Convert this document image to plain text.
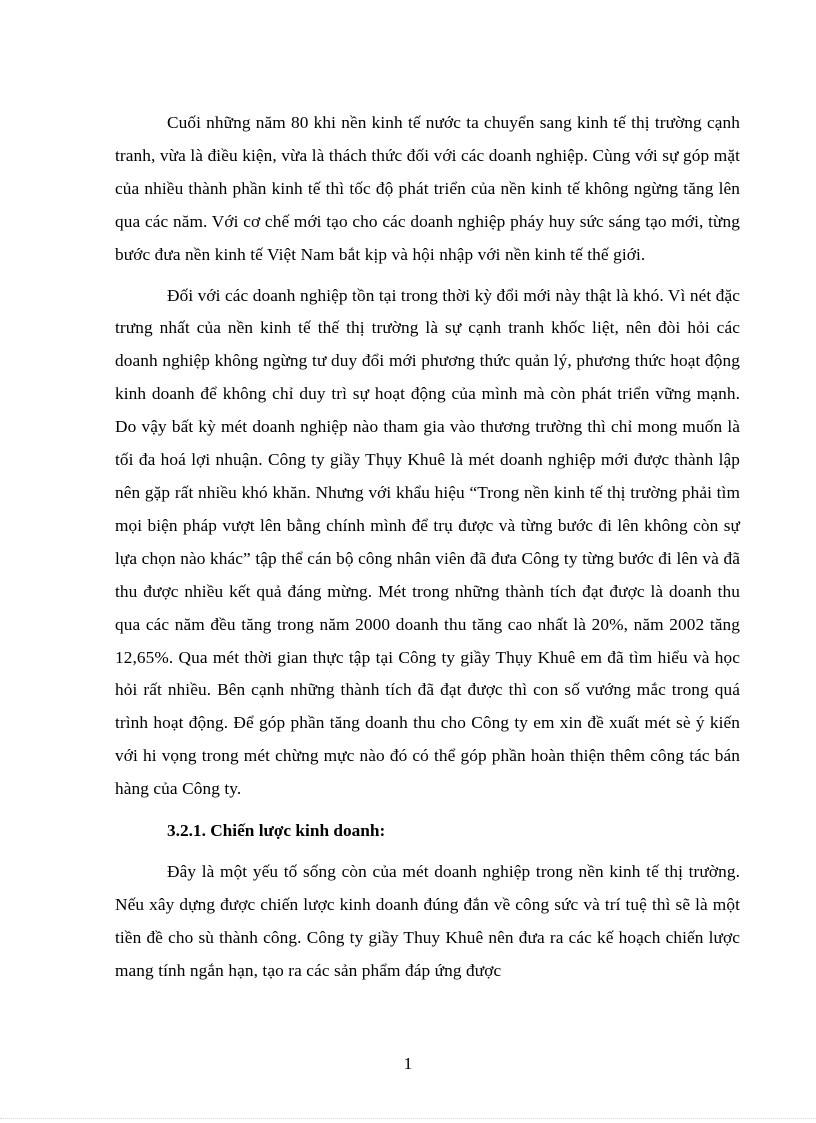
Cuối những năm 80 khi nền kinh tế nước ta chuyển sang kinh tế thị trường cạnh tranh, vừa là điều kiện, vừa là thách thức đối với các doanh nghiệp. Cùng với sự góp mặt của nhiều thành phần kinh tế thì tốc độ phát triển của nền kinh tế không ngừng tăng lên qua các năm. Với cơ chế mới tạo cho các doanh nghiệp pháy huy sức sáng tạo mới, từng bước đưa nền kinh tế Việt Nam bắt kịp và hội nhập với nền kinh tế thế giới.

Đối với các doanh nghiệp tồn tại trong thời kỳ đổi mới này thật là khó. Vì nét đặc trưng nhất của nền kinh tế thế thị trường là sự cạnh tranh khốc liệt, nên đòi hỏi các doanh nghiệp không ngừng tư duy đổi mới phương thức quản lý, phương thức hoạt động kinh doanh để không chỉ duy trì sự hoạt động của mình mà còn phát triển vững mạnh. Do vậy bất kỳ mét doanh nghiệp nào tham gia vào thương trường thì chỉ mong muốn là tối đa hoá lợi nhuận. Công ty giầy Thụy Khuê là mét doanh nghiệp mới được thành lập nên gặp rất nhiều khó khăn. Nhưng với khẩu hiệu “Trong nền kinh tế thị trường phải tìm mọi biện pháp vượt lên bằng chính mình để trụ được và từng bước đi lên không còn sự lựa chọn nào khác” tập thể cán bộ công nhân viên đã đưa Công ty từng bước đi lên và đã thu được nhiều kết quả đáng mừng. Mét trong những thành tích đạt được là doanh thu qua các năm đều tăng trong năm 2000 doanh thu tăng cao nhất là 20%, năm 2002 tăng 12,65%. Qua mét thời gian thực tập tại Công ty giầy Thụy Khuê em đã tìm hiểu và học hỏi rất nhiều. Bên cạnh những thành tích đã đạt được thì con số vướng mắc trong quá trình hoạt động. Để góp phần tăng doanh thu cho Công ty em xin đề xuất mét sè ý kiến với hi vọng trong mét chừng mực nào đó có thể góp phần hoàn thiện thêm công tác bán hàng của Công ty.

3.2.1. Chiến lược kinh doanh:

Đây là một yếu tố sống còn của mét doanh nghiệp trong nền kinh tế thị trường. Nếu xây dựng được chiến lược kinh doanh đúng đắn về công sức và trí tuệ thì sẽ là một tiền đề cho sù thành công. Công ty giầy Thuy Khuê nên đưa ra các kế hoạch chiến lược mang tính ngắn hạn, tạo ra các sản phẩm đáp ứng được

1
